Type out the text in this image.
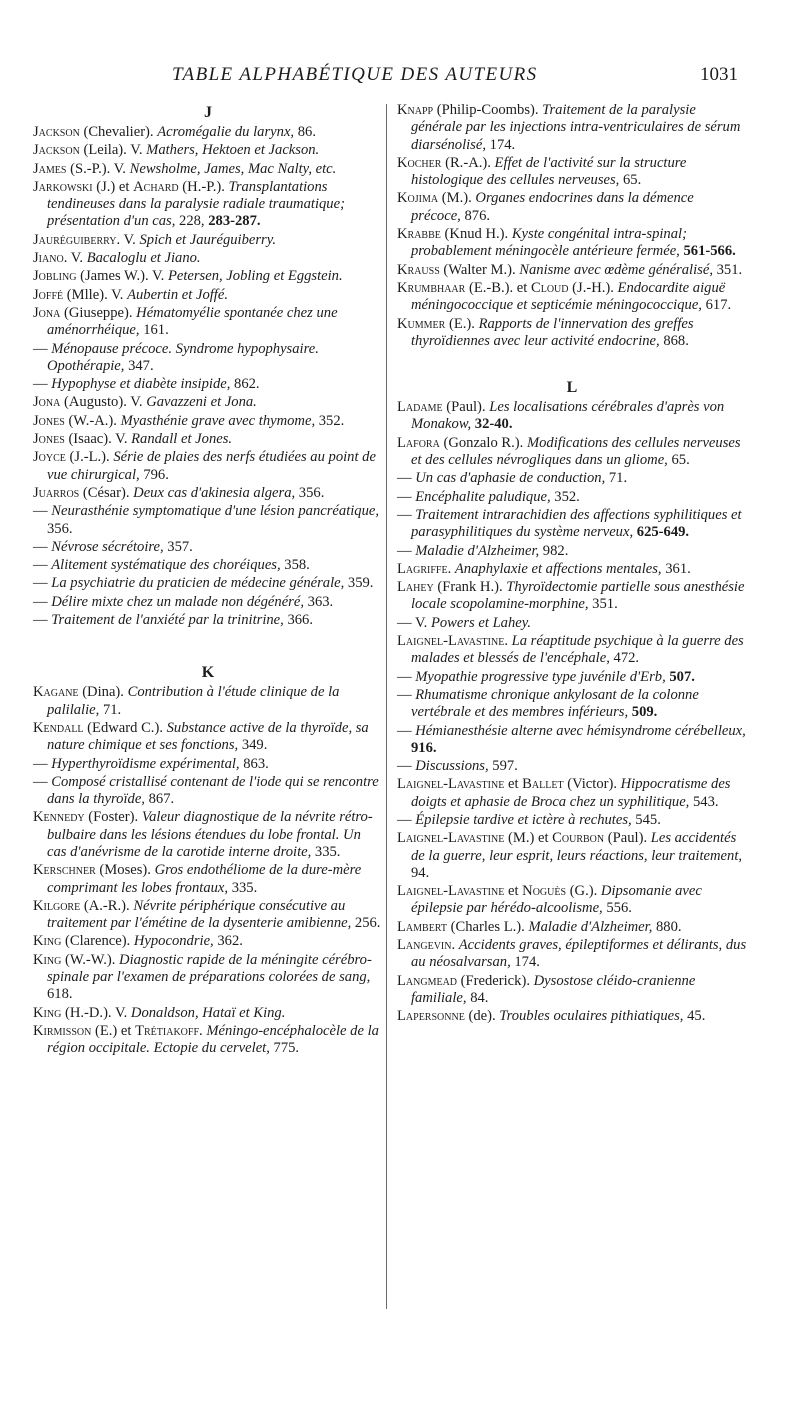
TABLE ALPHABÉTIQUE DES AUTEURS	1031
J
Jackson (Chevalier). Acromégalie du larynx, 86.
Jackson (Leila). V. Mathers, Hektoen et Jackson.
James (S.-P.). V. Newsholme, James, Mac Nalty, etc.
Jarkowski (J.) et Achard (H.-P.). Transplantations tendineuses dans la paralysie radiale traumatique; présentation d'un cas, 228, 283-287.
Jauréguiberry. V. Spich et Jauréguiberry.
Jiano. V. Bacaloglu et Jiano.
Jobling (James W.). V. Petersen, Jobling et Eggstein.
Joffé (Mlle). V. Aubertin et Joffé.
Jona (Giuseppe). Hématomyélie spontanée chez une aménorrhéique, 161.
— Ménopause précoce. Syndrome hypophysaire. Opothérapie, 347.
— Hypophyse et diabète insipide, 862.
Jona (Augusto). V. Gavazzeni et Jona.
Jones (W.-A.). Myasthénie grave avec thymome, 352.
Jones (Isaac). V. Randall et Jones.
Joyce (J.-L.). Série de plaies des nerfs étudiées au point de vue chirurgical, 796.
Juarros (César). Deux cas d'akinesia algera, 356.
— Neurasthénie symptomatique d'une lésion pancréatique, 356.
— Névrose sécrétoire, 357.
— Alitement systématique des choréiques, 358.
— La psychiatrie du praticien de médecine générale, 359.
— Délire mixte chez un malade non dégénéré, 363.
— Traitement de l'anxiété par la trinitrine, 366.
K
Kagane (Dina). Contribution à l'étude clinique de la palilalie, 71.
Kendall (Edward C.). Substance active de la thyroïde, sa nature chimique et ses fonctions, 349.
— Hyperthyroïdisme expérimental, 863.
— Composé cristallisé contenant de l'iode qui se rencontre dans la thyroïde, 867.
Kennedy (Foster). Valeur diagnostique de la névrite rétro-bulbaire dans les lésions étendues du lobe frontal. Un cas d'anévrisme de la carotide interne droite, 335.
Kerschner (Moses). Gros endothéliome de la dure-mère comprimant les lobes frontaux, 335.
Kilgore (A.-R.). Névrite périphérique consécutive au traitement par l'émétine de la dysenterie amibienne, 256.
King (Clarence). Hypocondrie, 362.
King (W.-W.). Diagnostic rapide de la méningite cérébro-spinale par l'examen de préparations colorées de sang, 618.
King (H.-D.). V. Donaldson, Hataï et King.
Kirmisson (E.) et Trétiakoff. Méningo-encéphalocèle de la région occipitale. Ectopie du cervelet, 775.
Knapp (Philip-Coombs). Traitement de la paralysie générale par les injections intra-ventriculaires de sérum diarsénolisé, 174.
Kocher (R.-A.). Effet de l'activité sur la structure histologique des cellules nerveuses, 65.
Kojima (M.). Organes endocrines dans la démence précoce, 876.
Krabbe (Knud H.). Kyste congénital intra-spinal; probablement méningocèle antérieure fermée, 561-566.
Krauss (Walter M.). Nanisme avec œdème généralisé, 351.
Krumbhaar (E.-B.). et Cloud (J.-H.). Endocardite aiguë méningococcique et septicémie méningococcique, 617.
Kummer (E.). Rapports de l'innervation des greffes thyroïdiennes avec leur activité endocrine, 868.
L
Ladame (Paul). Les localisations cérébrales d'après von Monakow, 32-40.
Lafora (Gonzalo R.). Modifications des cellules nerveuses et des cellules névrogliques dans un gliome, 65.
— Un cas d'aphasie de conduction, 71.
— Encéphalite paludique, 352.
— Traitement intrarachidien des affections syphilitiques et parasyphilitiques du système nerveux, 625-649.
— Maladie d'Alzheimer, 982.
Lagriffe. Anaphylaxie et affections mentales, 361.
Lahey (Frank H.). Thyroïdectomie partielle sous anesthésie locale scopolamine-morphine, 351.
— V. Powers et Lahey.
Laignel-Lavastine. La réaptitude psychique à la guerre des malades et blessés de l'encéphale, 472.
— Myopathie progressive type juvénile d'Erb, 507.
— Rhumatisme chronique ankylosant de la colonne vertébrale et des membres inférieurs, 509.
— Hémianesthésie alterne avec hémisyndrome cérébelleux, 916.
— Discussions, 597.
Laignel-Lavastine et Ballet (Victor). Hippocratisme des doigts et aphasie de Broca chez un syphilitique, 543.
— Épilepsie tardive et ictère à rechutes, 545.
Laignel-Lavastine (M.) et Courbon (Paul). Les accidentés de la guerre, leur esprit, leurs réactions, leur traitement, 94.
Laignel-Lavastine et Noguès (G.). Dipsomanie avec épilepsie par hérédo-alcoolisme, 556.
Lambert (Charles L.). Maladie d'Alzheimer, 880.
Langevin. Accidents graves, épileptiformes et délirants, dus au néosalvarsan, 174.
Langmead (Frederick). Dysostose cléido-cranienne familiale, 84.
Lapersonne (de). Troubles oculaires pithiatiques, 45.
